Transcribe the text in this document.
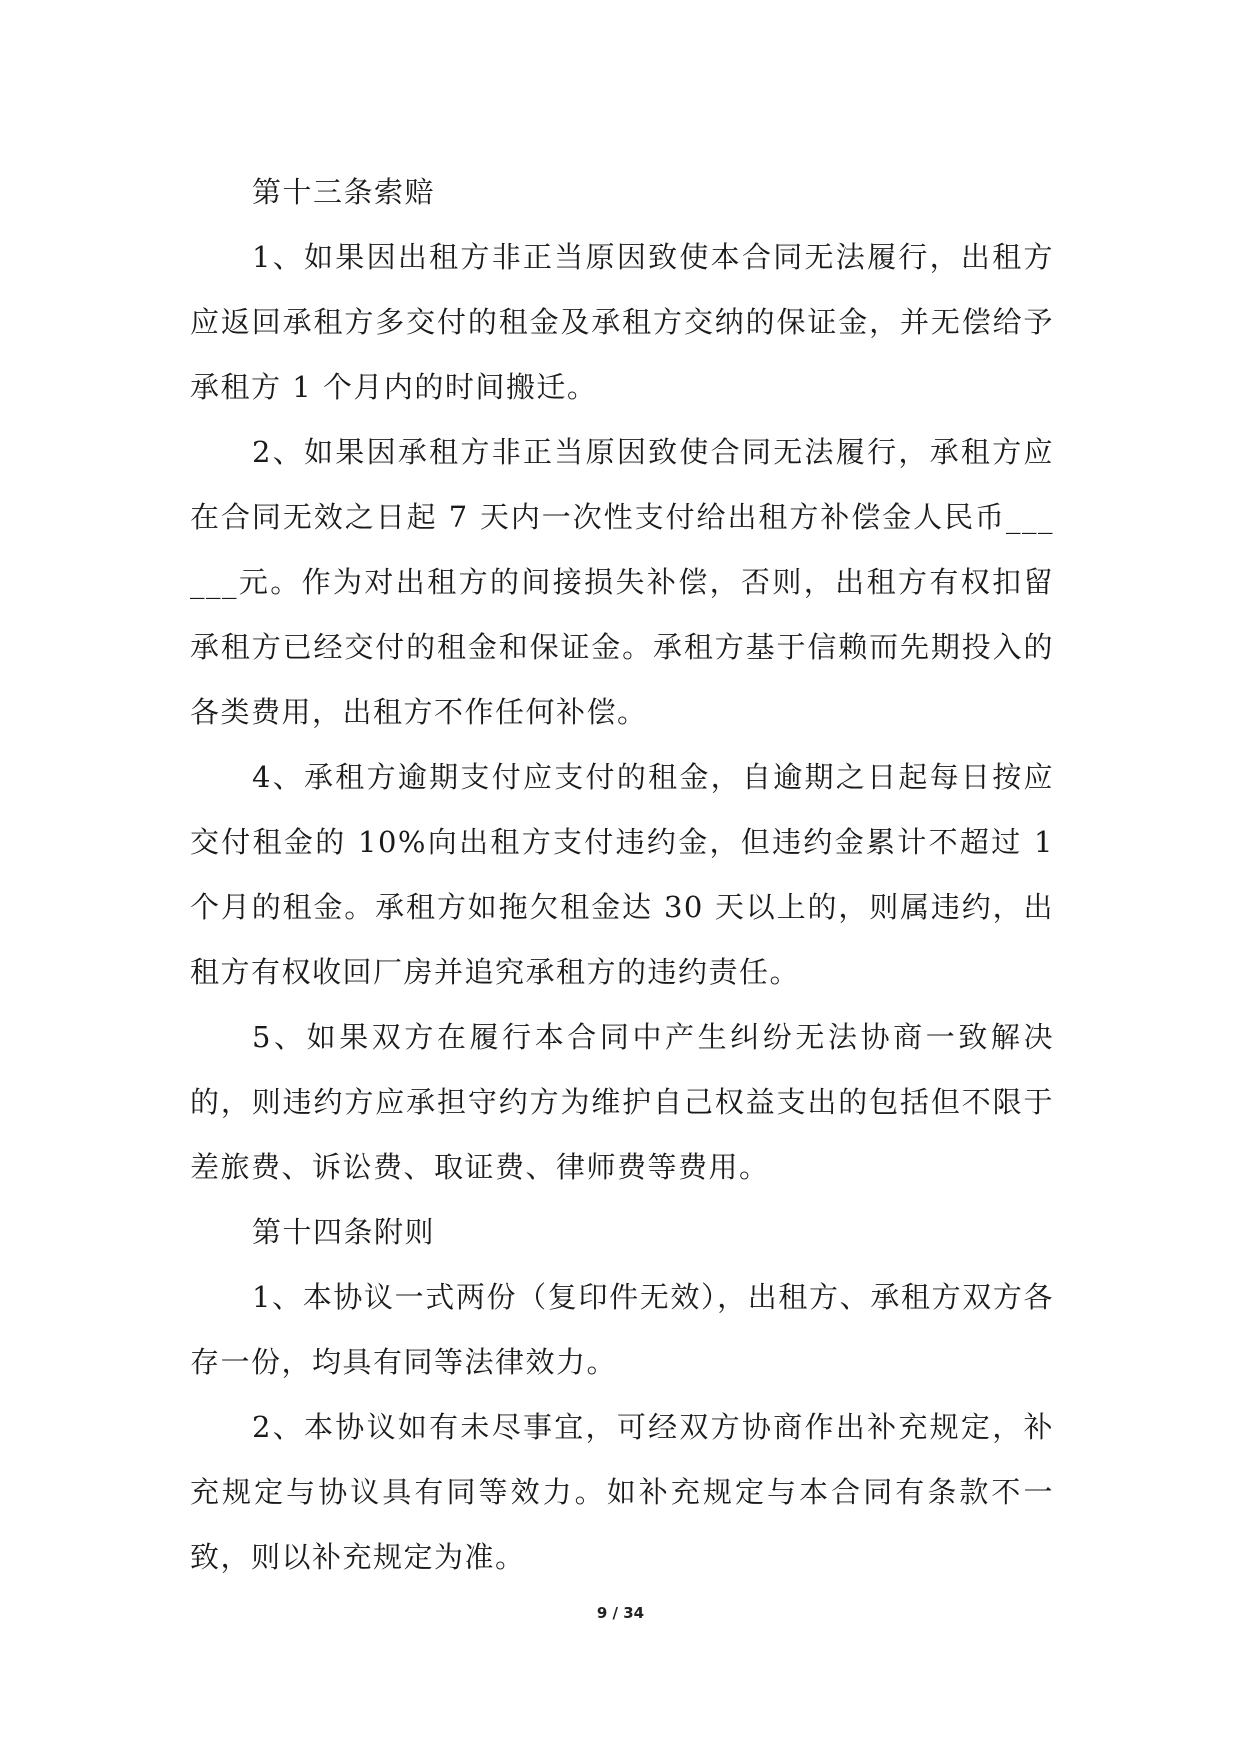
第十三条索赔

1、如果因出租方非正当原因致使本合同无法履行，出租方应返回承租方多交付的租金及承租方交纳的保证金，并无偿给予承租方 1 个月内的时间搬迁。

2、如果因承租方非正当原因致使合同无法履行，承租方应在合同无效之日起 7 天内一次性支付给出租方补偿金人民币______元。作为对出租方的间接损失补偿，否则，出租方有权扣留承租方已经交付的租金和保证金。承租方基于信赖而先期投入的各类费用，出租方不作任何补偿。

4、承租方逾期支付应支付的租金，自逾期之日起每日按应交付租金的 10%向出租方支付违约金，但违约金累计不超过 1 个月的租金。承租方如拖欠租金达 30 天以上的，则属违约，出租方有权收回厂房并追究承租方的违约责任。

5、如果双方在履行本合同中产生纠纷无法协商一致解决的，则违约方应承担守约方为维护自己权益支出的包括但不限于差旅费、诉讼费、取证费、律师费等费用。

第十四条附则

1、本协议一式两份（复印件无效），出租方、承租方双方各存一份，均具有同等法律效力。

2、本协议如有未尽事宜，可经双方协商作出补充规定，补充规定与协议具有同等效力。如补充规定与本合同有条款不一致，则以补充规定为准。

9 / 34
